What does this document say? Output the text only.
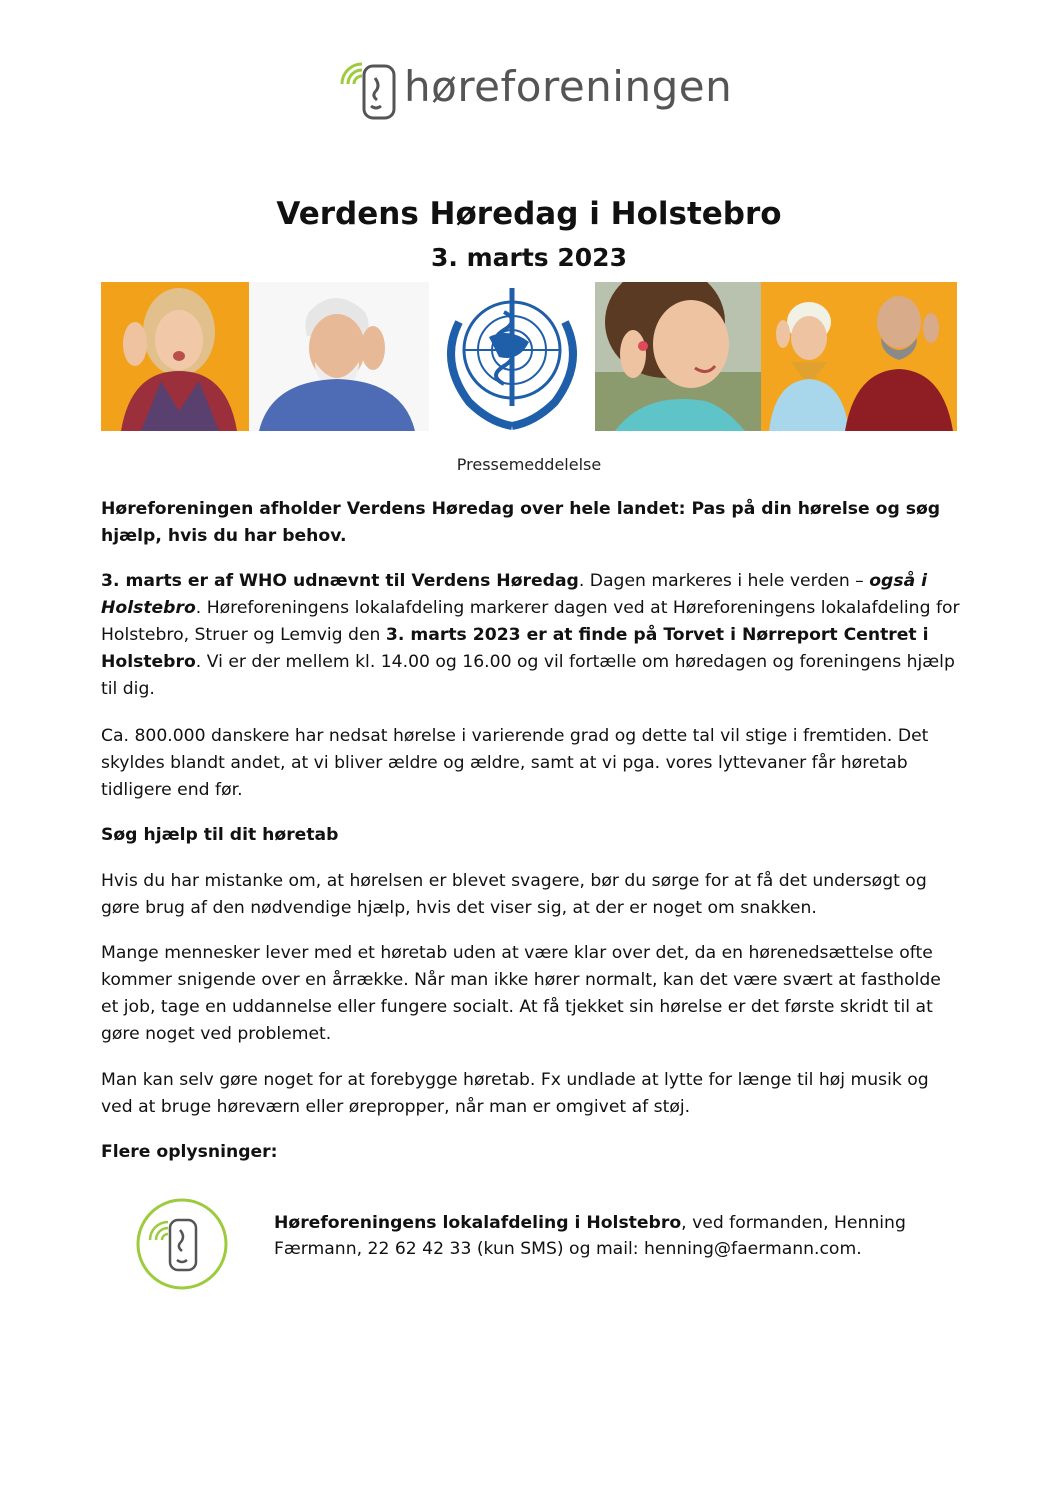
høreforeningen
Verdens Høredag i Holstebro
3. marts 2023
Pressemeddelelse

Høreforeningen afholder Verdens Høredag over hele landet: Pas på din hørelse og søg hjælp, hvis du har behov.

3. marts er af WHO udnævnt til Verdens Høredag. Dagen markeres i hele verden – også i Holstebro. Høreforeningens lokalafdeling markerer dagen ved at Høreforeningens lokalafdeling for Holstebro, Struer og Lemvig den 3. marts 2023 er at finde på Torvet i Nørreport Centret i Holstebro. Vi er der mellem kl. 14.00 og 16.00 og vil fortælle om høredagen og foreningens hjælp til dig.

Ca. 800.000 danskere har nedsat hørelse i varierende grad og dette tal vil stige i fremtiden. Det skyldes blandt andet, at vi bliver ældre og ældre, samt at vi pga. vores lyttevaner får høretab tidligere end før.

Søg hjælp til dit høretab

Hvis du har mistanke om, at hørelsen er blevet svagere, bør du sørge for at få det undersøgt og gøre brug af den nødvendige hjælp, hvis det viser sig, at der er noget om snakken.

Mange mennesker lever med et høretab uden at være klar over det, da en hørenedsættelse ofte kommer snigende over en årrække. Når man ikke hører normalt, kan det være svært at fastholde et job, tage en uddannelse eller fungere socialt. At få tjekket sin hørelse er det første skridt til at gøre noget ved problemet.

Man kan selv gøre noget for at forebygge høretab. Fx undlade at lytte for længe til høj musik og ved at bruge høreværn eller ørepropper, når man er omgivet af støj.

Flere oplysninger:

Høreforeningens lokalafdeling i Holstebro, ved formanden, Henning Færmann, 22 62 42 33 (kun SMS) og mail: henning@faermann.com.
